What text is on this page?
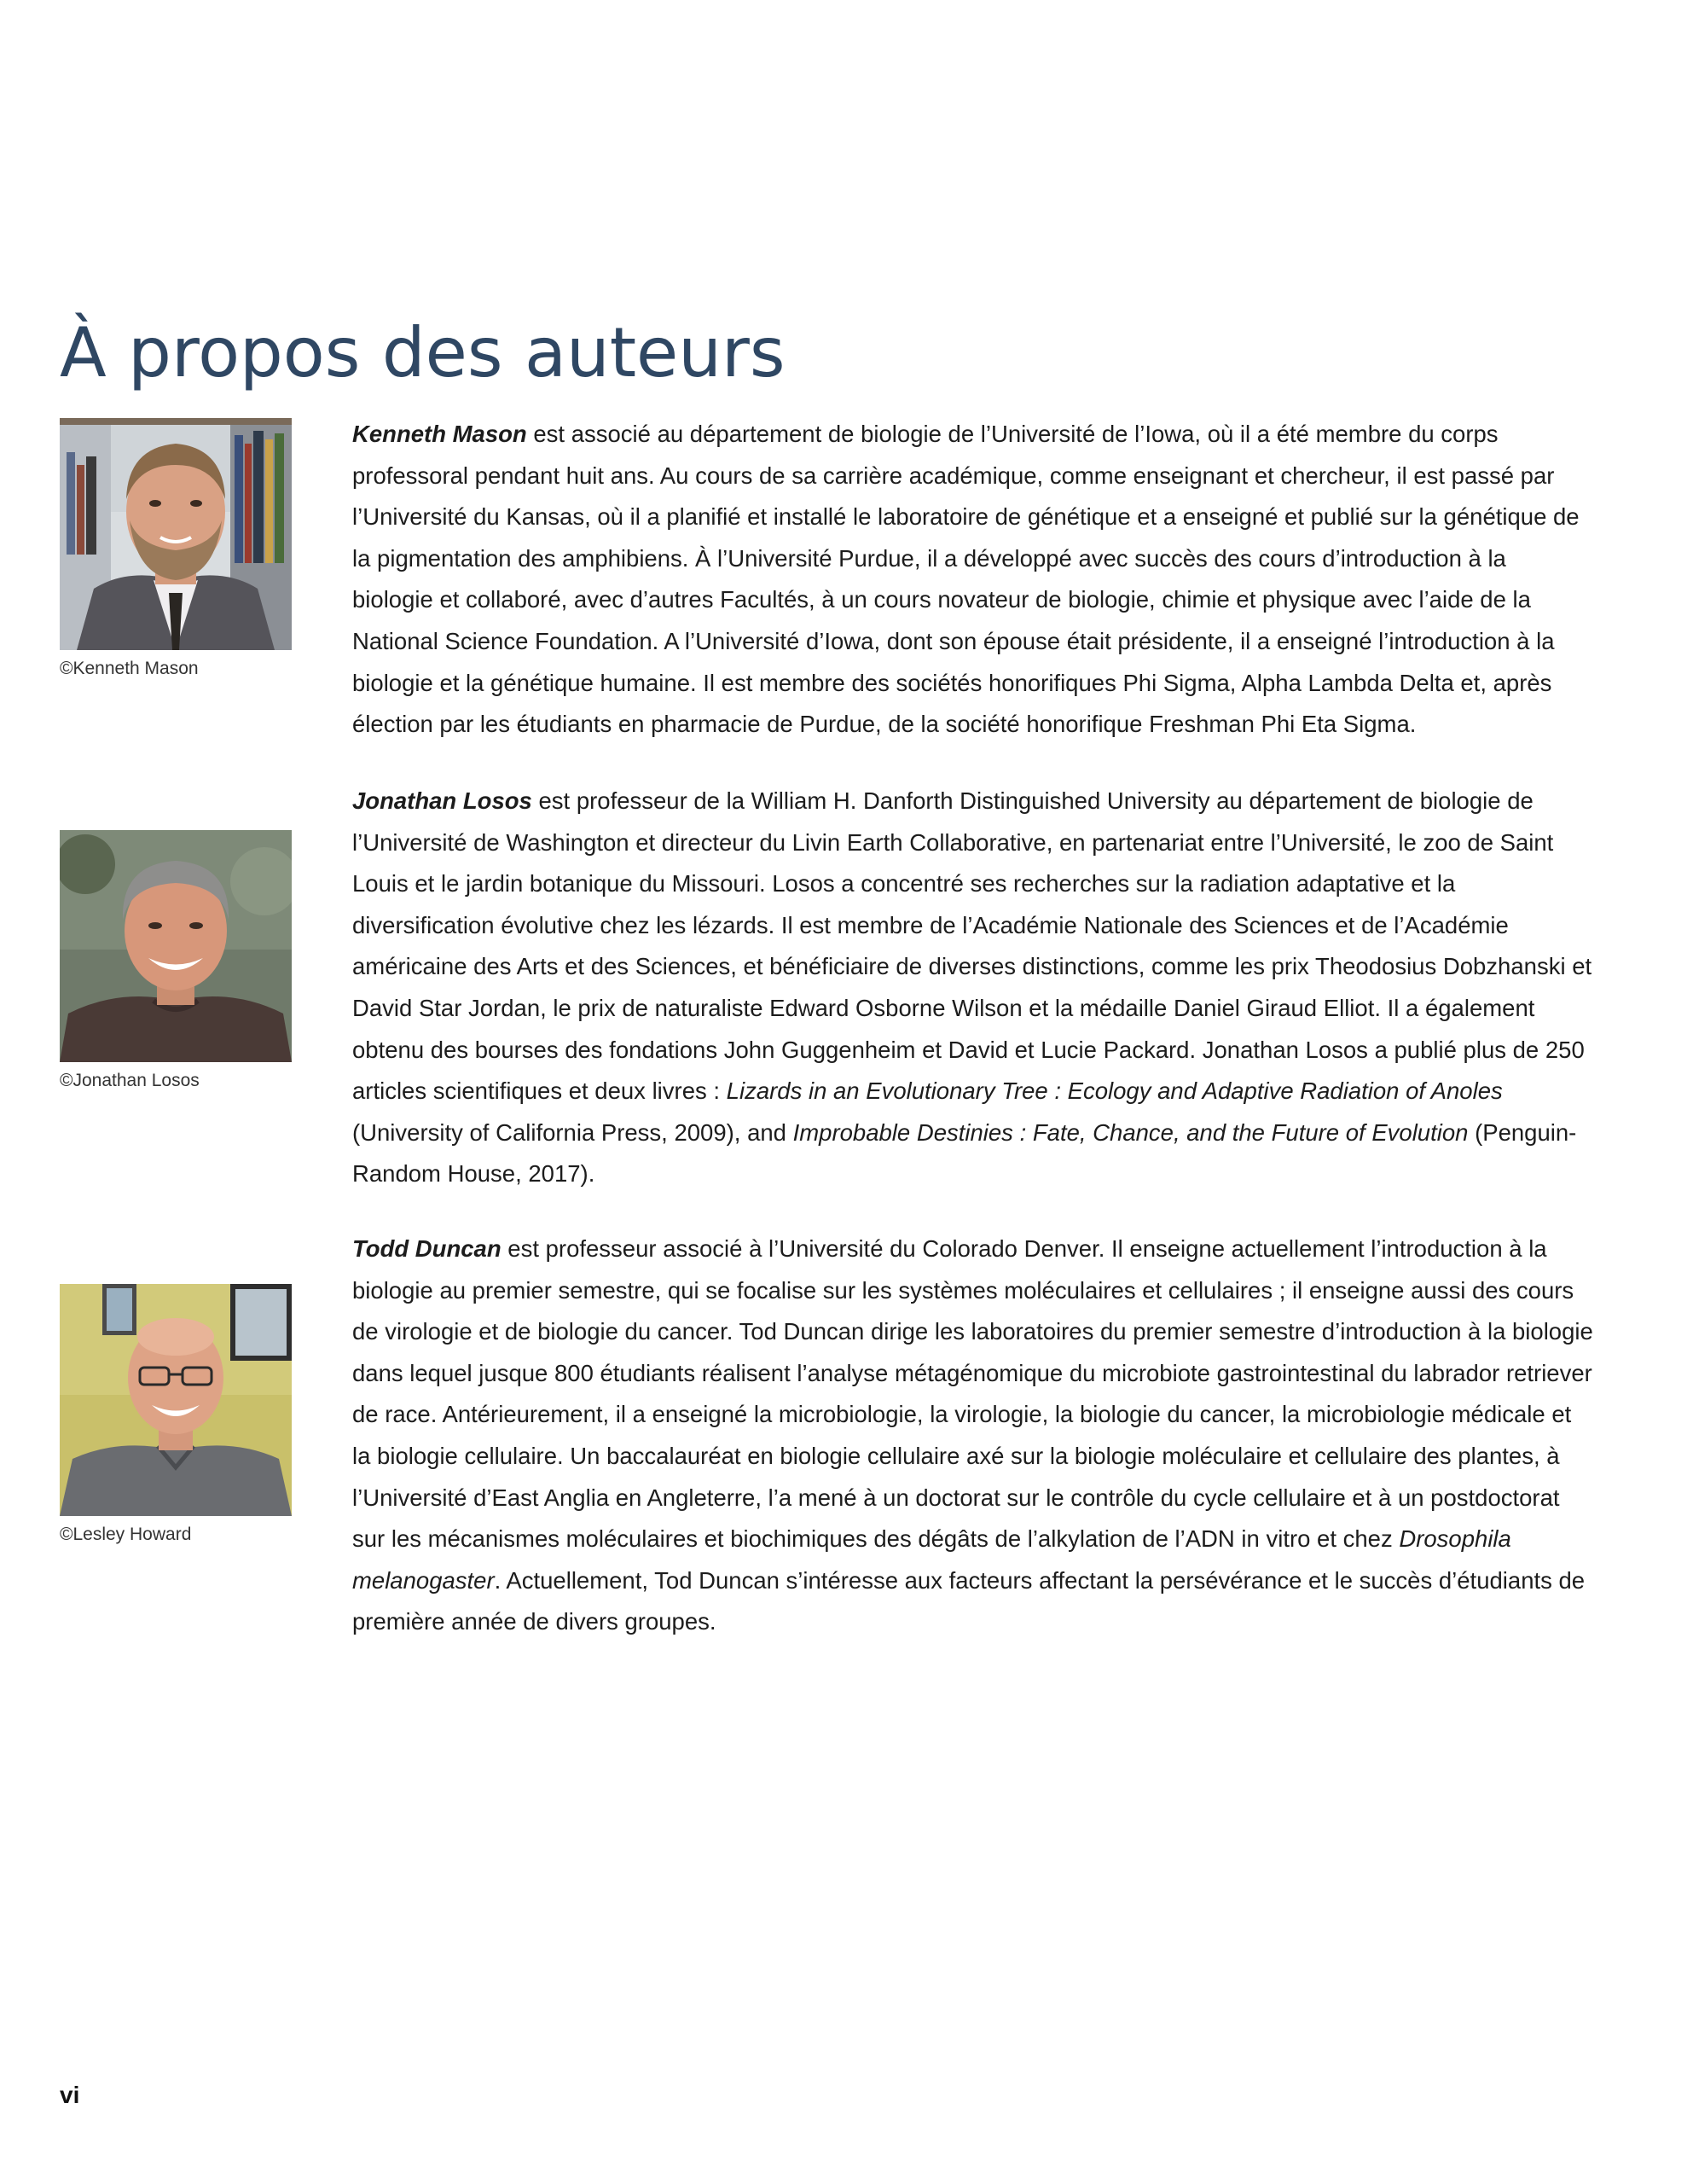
À propos des auteurs
©Kenneth Mason

Kenneth Mason est associé au département de biologie de l’Université de l’Iowa, où il a été membre du corps professoral pendant huit ans. Au cours de sa carrière académique, comme enseignant et chercheur, il est passé par l’Université du Kansas, où il a planifié et installé le laboratoire de génétique et a enseigné et publié sur la génétique de la pigmentation des amphibiens. À l’Université Purdue, il a développé avec succès des cours d’introduction à la biologie et collaboré, avec d’autres Facultés, à un cours novateur de biologie, chimie et physique avec l’aide de la National Science Foundation. A l’Université d’Iowa, dont son épouse était présidente, il a enseigné l’introduction à la biologie et la génétique humaine. Il est membre des sociétés honorifiques Phi Sigma, Alpha Lambda Delta et, après élection par les étudiants en pharmacie de Purdue, de la société honorifique Freshman Phi Eta Sigma.

©Jonathan Losos

Jonathan Losos est professeur de la William H. Danforth Distinguished University au département de biologie de l’Université de Washington et directeur du Livin Earth Collaborative, en partenariat entre l’Université, le zoo de Saint Louis et le jardin botanique du Missouri. Losos a concentré ses recherches sur la radiation adaptative et la diversification évolutive chez les lézards. Il est membre de l’Académie Nationale des Sciences et de l’Académie américaine des Arts et des Sciences, et bénéficiaire de diverses distinctions, comme les prix Theodosius Dobzhanski et David Star Jordan, le prix de naturaliste Edward Osborne Wilson et la médaille Daniel Giraud Elliot. Il a également obtenu des bourses des fondations John Guggenheim et David et Lucie Packard. Jonathan Losos a publié plus de 250 articles scientifiques et deux livres : Lizards in an Evolutionary Tree : Ecology and Adaptive Radiation of Anoles (University of California Press, 2009), and Improbable Destinies : Fate, Chance, and the Future of Evolution (Penguin-Random House, 2017).

©Lesley Howard

Todd Duncan est professeur associé à l’Université du Colorado Denver. Il enseigne actuellement l’introduction à la biologie au premier semestre, qui se focalise sur les systèmes moléculaires et cellulaires ; il enseigne aussi des cours de virologie et de biologie du cancer. Tod Duncan dirige les laboratoires du premier semestre d’introduction à la biologie dans lequel jusque 800 étudiants réalisent l’analyse métagénomique du microbiote gastrointestinal du labrador retriever de race. Antérieurement, il a enseigné la microbiologie, la virologie, la biologie du cancer, la microbiologie médicale et la biologie cellulaire. Un baccalauréat en biologie cellulaire axé sur la biologie moléculaire et cellulaire des plantes, à l’Université d’East Anglia en Angleterre, l’a mené à un doctorat sur le contrôle du cycle cellulaire et à un postdoctorat sur les mécanismes moléculaires et biochimiques des dégâts de l’alkylation de l’ADN in vitro et chez Drosophila melanogaster. Actuellement, Tod Duncan s’intéresse aux facteurs affectant la persévérance et le succès d’étudiants de première année de divers groupes.

vi
